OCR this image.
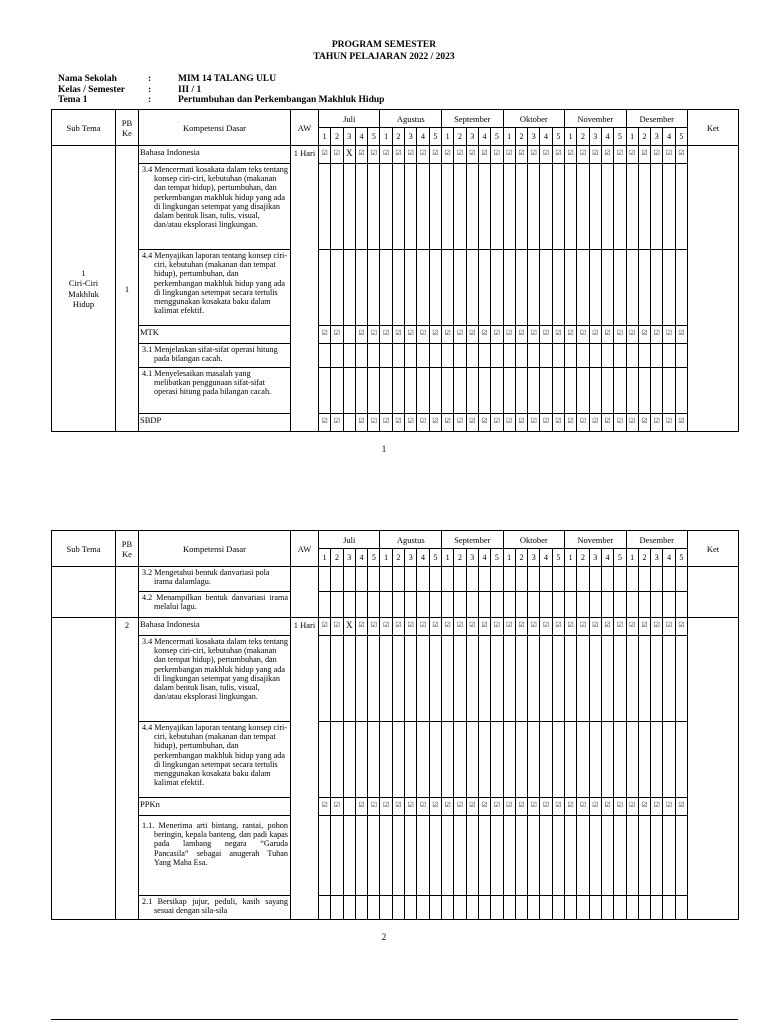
PROGRAM SEMESTER
TAHUN PELAJARAN 2022 / 2023
Nama Sekolah	:	MIM 14 TALANG ULU
Kelas / Semester	:	III / 1
Tema 1	:	Pertumbuhan dan Perkembangan Makhluk Hidup
Sub Tema	PB Ke	Kompetensi Dasar	AW	Juli					Agustus					September					Oktober					November					Desember					Ket
				1	2	3	4	5	1	2	3	4	5	1	2	3	4	5	1	2	3	4	5	1	2	3	4	5	1	2	3	4	5	

1
Ciri-Ciri Makhluk Hidup	1	Bahasa Indonesia	1 Hari	☑	☑	X	☑	☑	☑	☑	☑	☑	☑	☑	☑	☑	☑	☑	☑	☑	☑	☑	☑	☑	☑	☑	☑	☑	☑	☑	☑	☑	☑	
		3.4 Mencermati kosakata dalam teks tentang konsep ciri-ciri, kebutuhan (makanan dan tempat hidup), pertumbuhan, dan perkembangan makhluk hidup yang ada di lingkungan setempat yang disajikan dalam bentuk lisan, tulis, visual, dan/atau eksplorasi lingkungan.																																
		4.4 Menyajikan laporan tentang konsep ciri-ciri, kebutuhan (makanan dan tempat hidup), pertumbuhan, dan perkembangan makhluk hidup yang ada di lingkungan setempat secara tertulis menggunakan kosakata baku dalam kalimat efektif.																																
		MTK		☑	☑		☑	☑	☑	☑	☑	☑	☑	☑	☑	☑	☑	☑	☑	☑	☑	☑	☑	☑	☑	☑	☑	☑	☑	☑	☑	☑	☑	
		3.1 Menjelaskan sifat-sifat operasi hitung pada bilangan cacah.																																
		4.1 Menyelesaikan masalah yang melibatkan penggunaan sifat-sifat operasi hitung pada bilangan cacah.																																
		SBDP		☑	☑		☑	☑	☑	☑	☑	☑	☑	☑	☑	☑	☑	☑	☑	☑	☑	☑	☑	☑	☑	☑	☑	☑	☑	☑	☑	☑	☑	
1
Sub Tema	PB Ke	Kompetensi Dasar	AW	Juli					Agustus					September					Oktober					November					Desember					Ket
				1	2	3	4	5	1	2	3	4	5	1	2	3	4	5	1	2	3	4	5	1	2	3	4	5	1	2	3	4	5	
		3.2 Mengetahui bentuk danvariasi pola irama dalamlagu.																																
		4.2 Menampilkan bentuk danvariasi irama melalui lagu.																																
	2	Bahasa Indonesia	1 Hari	☑	☑	X	☑	☑	☑	☑	☑	☑	☑	☑	☑	☑	☑	☑	☑	☑	☑	☑	☑	☑	☑	☑	☑	☑	☑	☑	☑	☑	☑	
		3.4 Mencermati kosakata dalam teks tentang konsep ciri-ciri, kebutuhan (makanan dan tempat hidup), pertumbuhan, dan perkembangan makhluk hidup yang ada di lingkungan setempat yang disajikan dalam bentuk lisan, tulis, visual, dan/atau eksplorasi lingkungan.																																
		4.4 Menyajikan laporan tentang konsep ciri-ciri, kebutuhan (makanan dan tempat hidup), pertumbuhan, dan perkembangan makhluk hidup yang ada di lingkungan setempat secara tertulis menggunakan kosakata baku dalam kalimat efektif.																																
		PPKn		☑	☑		☑	☑	☑	☑	☑	☑	☑	☑	☑	☑	☑	☑	☑	☑	☑	☑	☑	☑	☑	☑	☑	☑	☑	☑	☑	☑	☑	
		1.1. Menerima arti bintang, rantai, pohon beringin, kepala banteng, dan padi kapas pada lambang negara “Garuda Pancasila” sebagai anugerah Tuhan Yang Maha Esa.																																
		2.1 Bersikap jujur, peduli, kasih sayang sesuai dengan sila-sila																																
2
